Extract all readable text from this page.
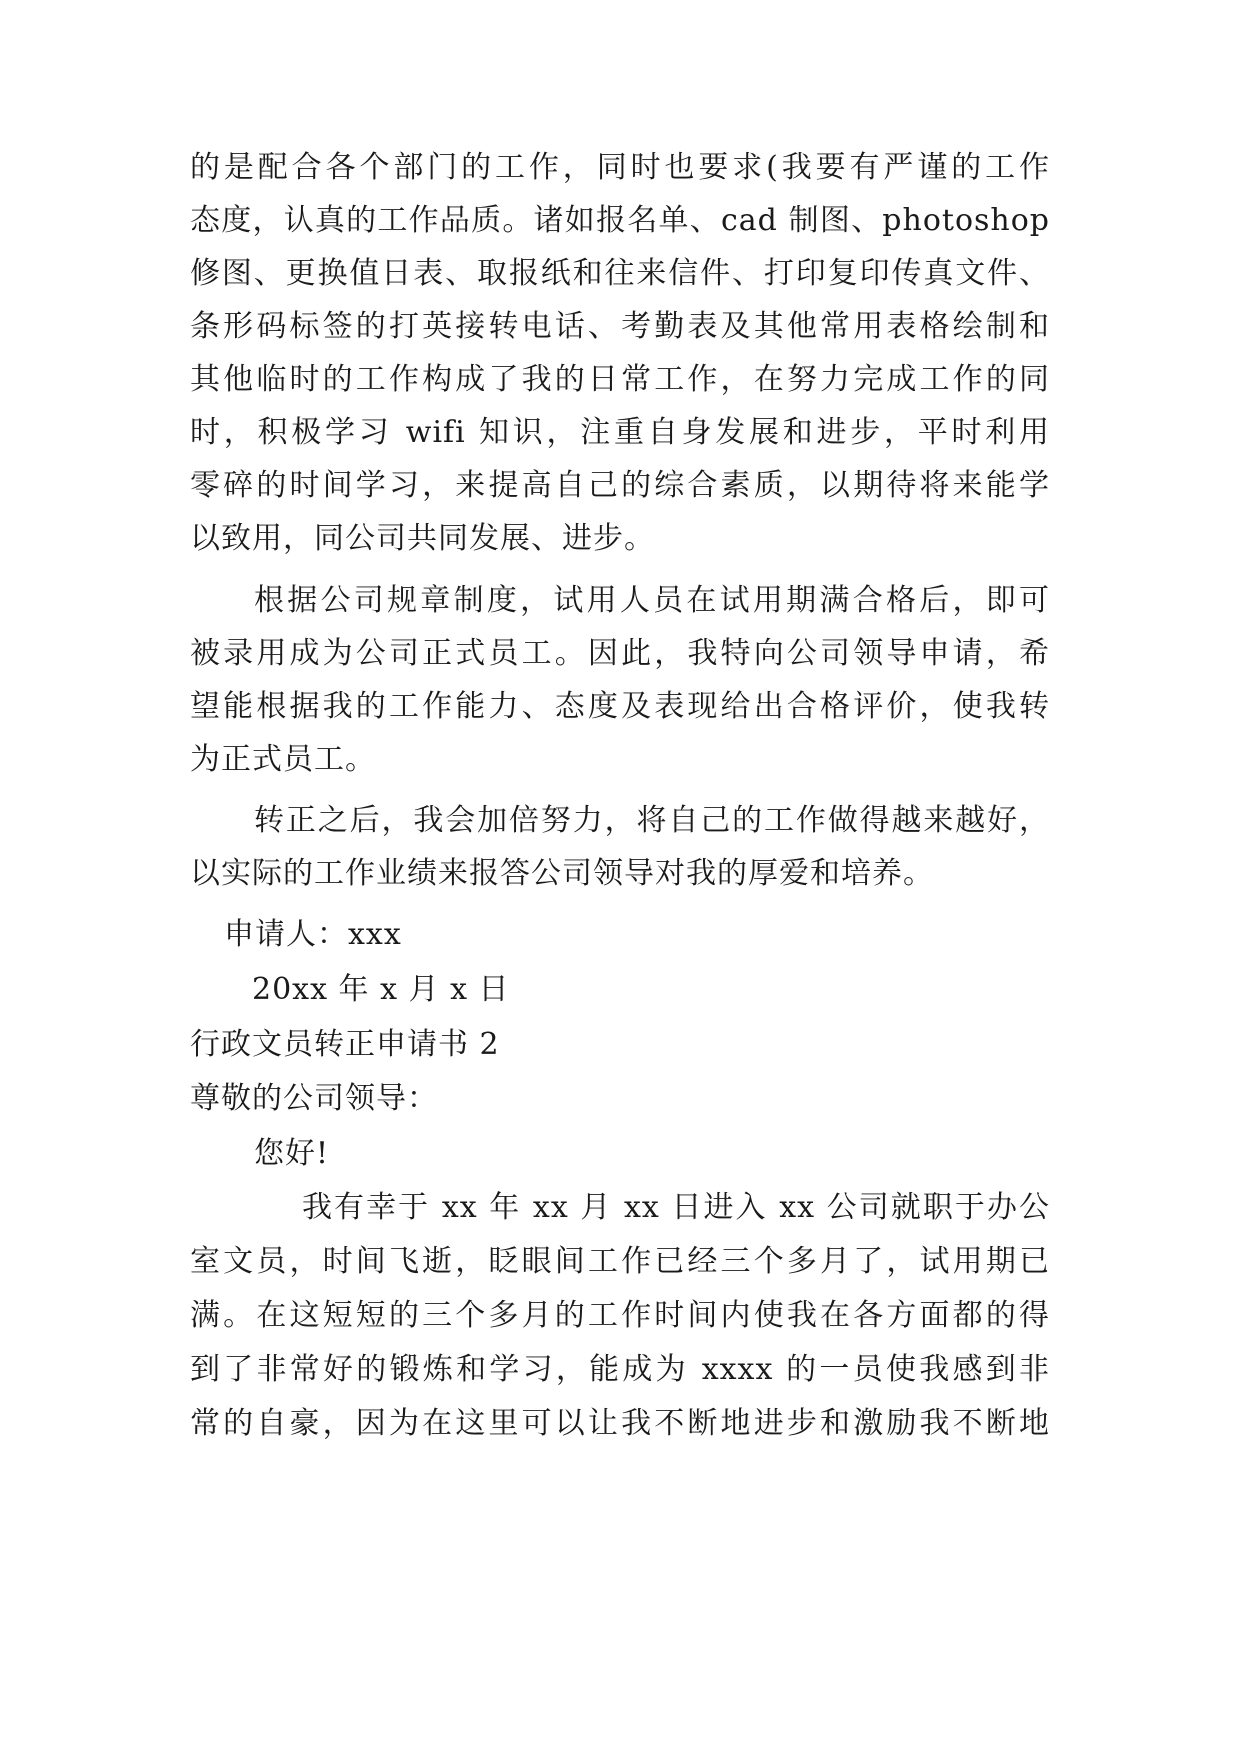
的是配合各个部门的工作，同时也要求(我要有严谨的工作
态度，认真的工作品质。诸如报名单、cad 制图、photoshop
修图、更换值日表、取报纸和往来信件、打印复印传真文件、
条形码标签的打英接转电话、考勤表及其他常用表格绘制和
其他临时的工作构成了我的日常工作，在努力完成工作的同
时，积极学习 wifi 知识，注重自身发展和进步，平时利用
零碎的时间学习，来提高自己的综合素质，以期待将来能学
以致用，同公司共同发展、进步。
根据公司规章制度，试用人员在试用期满合格后，即可
被录用成为公司正式员工。因此，我特向公司领导申请，希
望能根据我的工作能力、态度及表现给出合格评价，使我转
为正式员工。
转正之后，我会加倍努力，将自己的工作做得越来越好，
以实际的工作业绩来报答公司领导对我的厚爱和培养。
申请人：xxx
20xx 年 x 月 x 日
行政文员转正申请书 2
尊敬的公司领导：
您好!
我有幸于 xx 年 xx 月 xx 日进入 xx 公司就职于办公
室文员，时间飞逝，眨眼间工作已经三个多月了，试用期已
满。在这短短的三个多月的工作时间内使我在各方面都的得
到了非常好的锻炼和学习，能成为 xxxx 的一员使我感到非
常的自豪，因为在这里可以让我不断地进步和激励我不断地
